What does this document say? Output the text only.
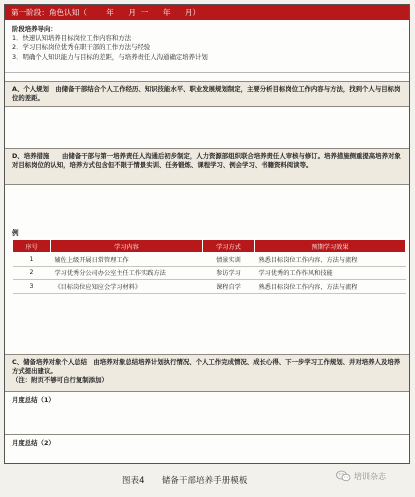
第一阶段：角色认知（        年      月  一      年      月）
阶段培养导向：
1．快速认知培养目标岗位工作内容和方法
2．学习目标岗位优秀在职干部的工作方法与经验
3．明确个人知识能力与目标的差距，与培养责任人沟通确定培养计划
A、个人规划　由储备干部结合个人工作经历、知识技能水平、职业发展规划制定，主要分析目标岗位工作内容与方法，找到个人与目标岗位的差距。
D、培养措施　　由储备干部与第一培养责任人沟通后初步制定，人力资源部组织联合培养责任人审核与修订。培养措施侧重提高培养对象对目标岗位的认知，培养方式包含但不限于情景实训、任务锻炼、课程学习、例会学习、书籍资料阅读等。
例
序号	学习内容	学习方式	预期学习效果
1	辅佐上级开展日常管理工作	情景实训	熟悉目标岗位工作内容、方法与流程
2	学习优秀分公司办公室主任工作实践方法	参访学习	学习优秀的工作作风和技能
3	《目标岗位应知应会学习材料》	课程自学	熟悉目标岗位工作内容、方法与流程
C、储备培养对象个人总结　由培养对象总结培养计划执行情况、个人工作完成情况、成长心得、下一步学习工作规划、并对培养人及培养方式提出建议。
（注：附页不够可自行复制添加）
月度总结（1）
月度总结（2）
图表4　　储备干部培养手册模板	培训杂志
